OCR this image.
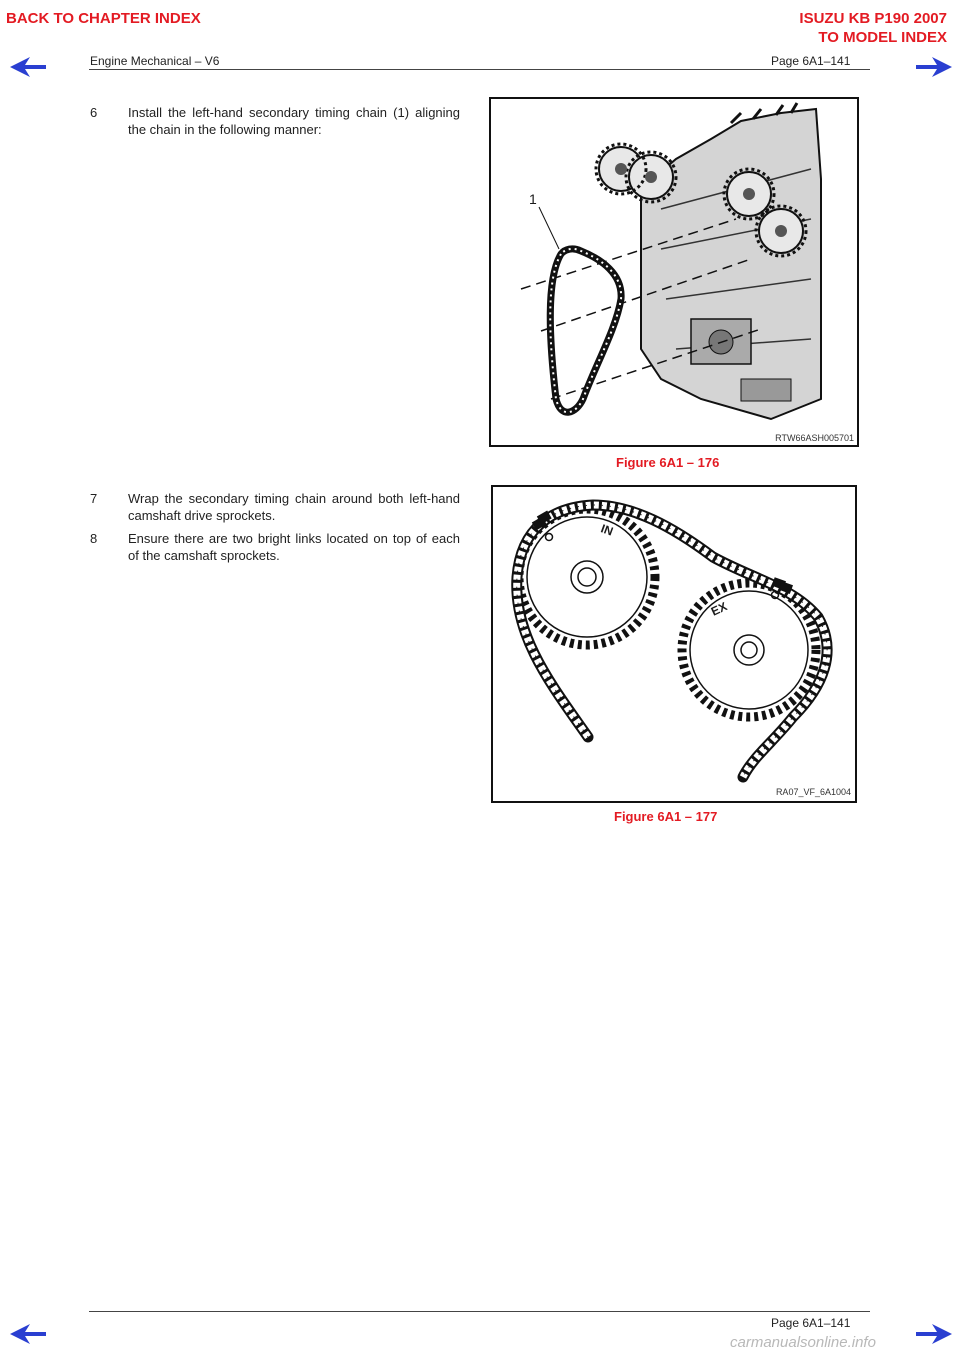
BACK TO CHAPTER INDEX	ISUZU KB P190 2007
TO MODEL INDEX
Engine Mechanical – V6	Page 6A1–141
6 Install the left-hand secondary timing chain (1) aligning the chain in the following manner:
7 Wrap the secondary timing chain around both left-hand camshaft drive sprockets.
8 Ensure there are two bright links located on top of each of the camshaft sprockets.
1
RTW66ASH005701
Figure 6A1 – 176
IN
EX
RA07_VF_6A1004
Figure 6A1 – 177
Page 6A1–141
carmanualsonline.info
